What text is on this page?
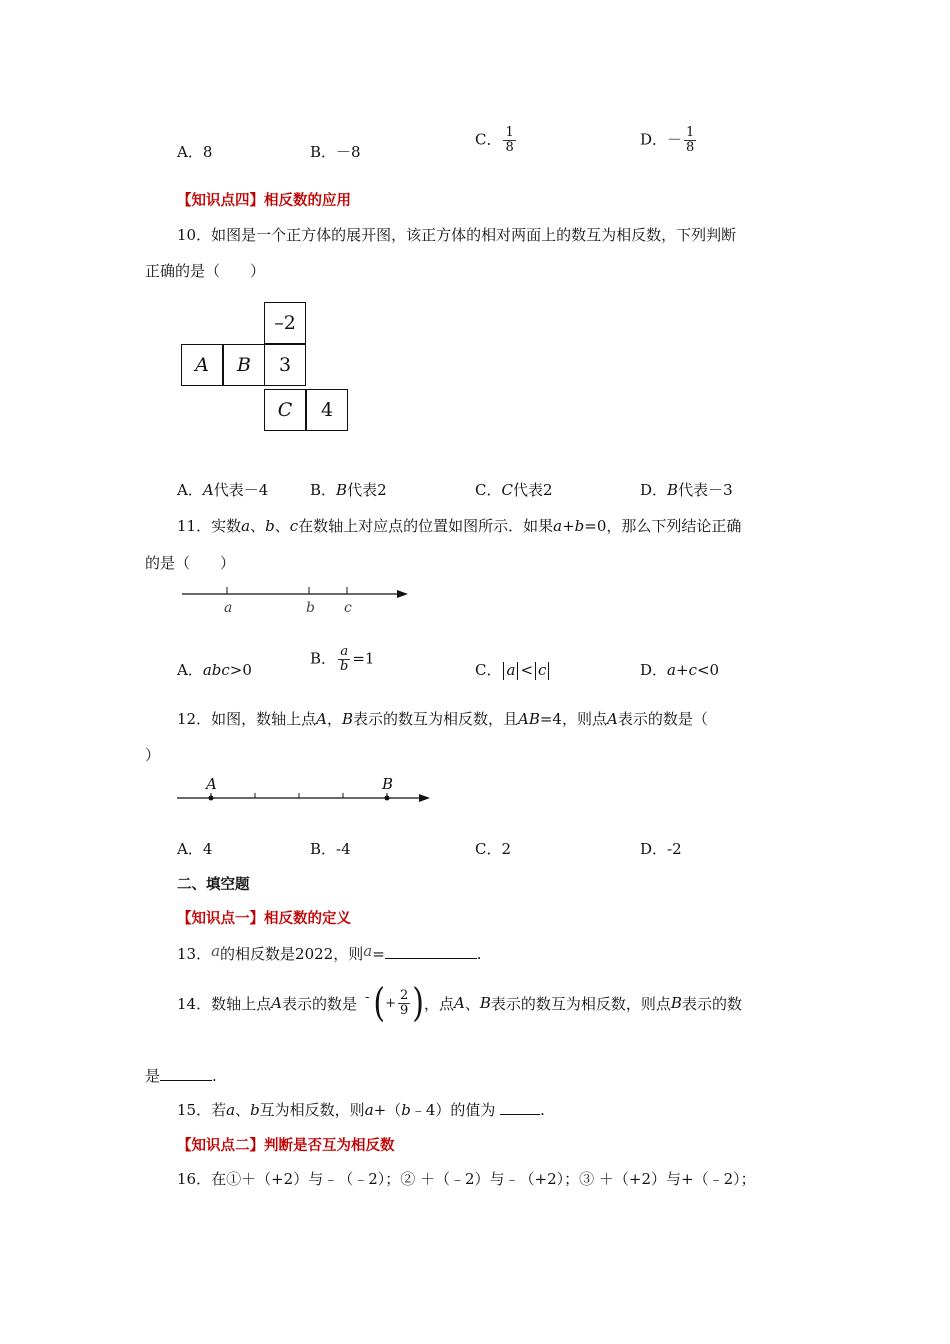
A．8	B．－8
C． $\frac{1}{8}$	D．－ $\frac{1}{8}$
【知识点四】相反数的应用
10．如图是一个正方体的展开图，该正方体的相对两面上的数互为相反数，下列判断
正确的是（　　）
–2
A	B	3
C	4
A．A代表－4	B．B代表2	C．C代表2	D．B代表－3
11．实数a、b、c在数轴上对应点的位置如图所示．如果a+b=0，那么下列结论正确
的是（　　）
a	b c
A．abc>0
B． $\frac{a}{b} =1$
C． a < c	D．a+c<0
12．如图，数轴上点A，B表示的数互为相反数，且AB=4，则点A表示的数是（
）
A	B
A．4	B．-4	C．2	D．-2
二、填空题
【知识点一】相反数的定义
13．a的相反数是2022，则a=	.
14．数轴上点 A 表示的数是 - ( + $\frac{2}{9}$ ) ，点 A 、 B 表示的数互为相反数，则点 B 表示的数
是	.
15．若a、b互为相反数，则a+（b﹣4）的值为	.
【知识点二】判断是否互为相反数
16．在①＋（+2）与﹣（﹣2）；② ＋（﹣2）与﹣（+2）；③ ＋（+2）与+（﹣2）；
